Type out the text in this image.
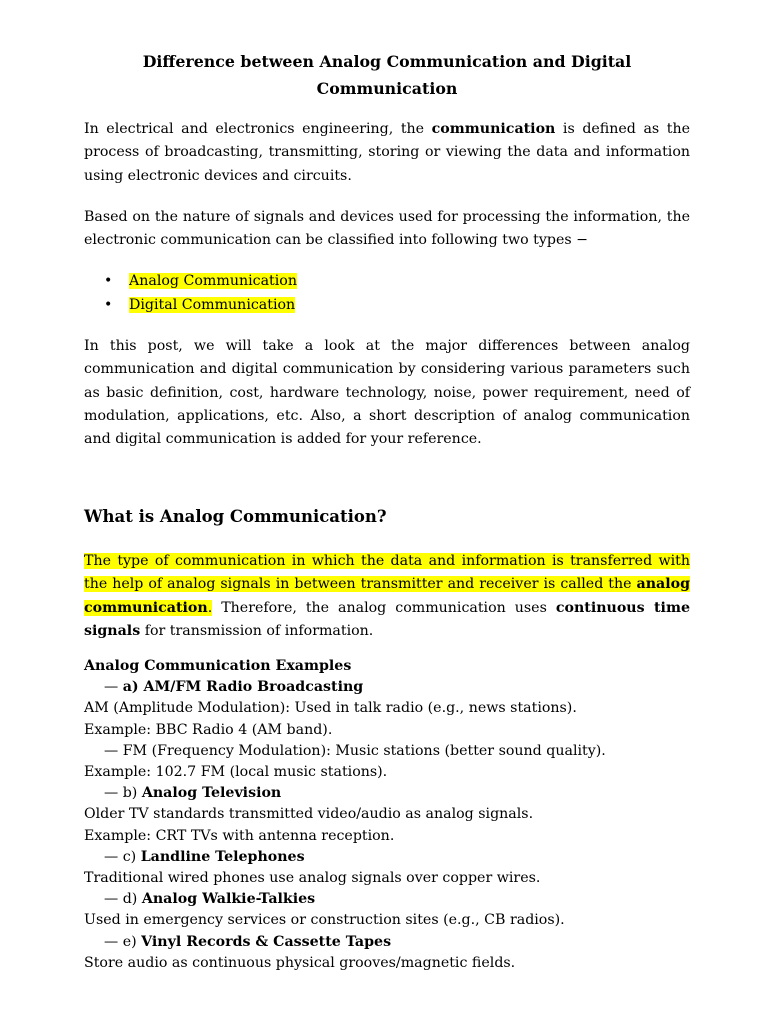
Difference between Analog Communication and Digital
Communication

In electrical and electronics engineering, the communication is defined as the process of broadcasting, transmitting, storing or viewing the data and information using electronic devices and circuits.

Based on the nature of signals and devices used for processing the information, the electronic communication can be classified into following two types −

• Analog Communication
• Digital Communication

In this post, we will take a look at the major differences between analog communication and digital communication by considering various parameters such as basic definition, cost, hardware technology, noise, power requirement, need of modulation, applications, etc. Also, a short description of analog communication and digital communication is added for your reference.

What is Analog Communication?

The type of communication in which the data and information is transferred with the help of analog signals in between transmitter and receiver is called the analog communication. Therefore, the analog communication uses continuous time signals for transmission of information.

Analog Communication Examples
— a) AM/FM Radio Broadcasting
AM (Amplitude Modulation): Used in talk radio (e.g., news stations).
Example: BBC Radio 4 (AM band).
— FM (Frequency Modulation): Music stations (better sound quality).
Example: 102.7 FM (local music stations).
— b) Analog Television
Older TV standards transmitted video/audio as analog signals.
Example: CRT TVs with antenna reception.
— c) Landline Telephones
Traditional wired phones use analog signals over copper wires.
— d) Analog Walkie-Talkies
Used in emergency services or construction sites (e.g., CB radios).
— e) Vinyl Records & Cassette Tapes
Store audio as continuous physical grooves/magnetic fields.
